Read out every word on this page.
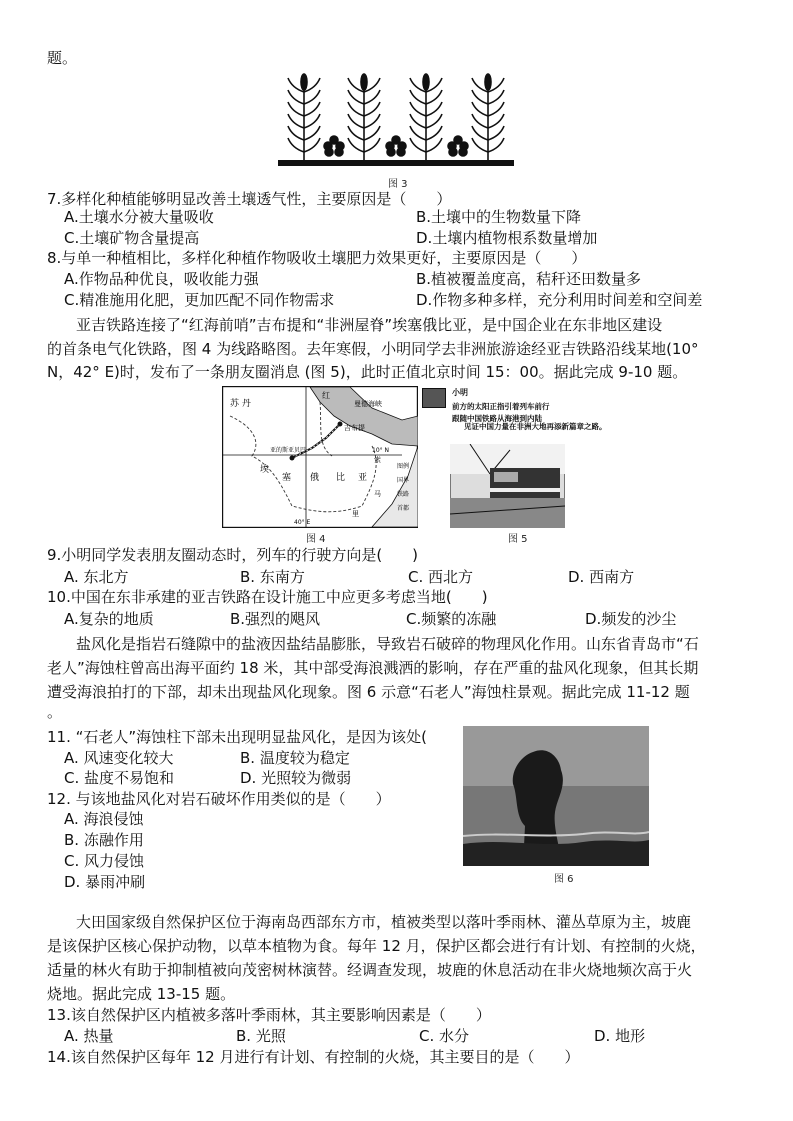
题。
图 3
7.多样化种植能够明显改善土壤透气性，主要原因是（　　）
A.土壤水分被大量吸收	B.土壤中的生物数量下降
C.土壤矿物含量提高	D.土壤内植物根系数量增加
8.与单一种植相比，多样化种植作物吸收土壤肥力效果更好，主要原因是（　　）
A.作物品种优良，吸收能力强	B.植被覆盖度高，秸秆还田数量多
C.精准施用化肥，更加匹配不同作物需求	D.作物多种多样，充分利用时间差和空间差
亚吉铁路连接了“红海前哨”吉布提和“非洲屋脊”埃塞俄比亚，是中国企业在东非地区建设
的首条电气化铁路，图 4 为线路略图。去年寒假，小明同学去非洲旅游途经亚吉铁路沿线某地(10°
N，42° E)时，发布了一条朋友圈消息 (图 5)，此时正值北京时间 15：00。据此完成 9-10 题。
苏 丹
红
曼德海峡
吉布提
亚的斯亚贝巴
埃
塞 俄 比 亚
索
马
里
10° N
40° E
图例
国界
铁路
首都
图 4
小明
前方的太阳正指引着列车前行
跟随中国铁路从海港到内陆
见证中国力量在非洲大地再添新篇章之路。
图 5
9.小明同学发表朋友圈动态时，列车的行驶方向是(　　)
A. 东北方	B. 东南方	C. 西北方	D. 西南方
10.中国在东非承建的亚吉铁路在设计施工中应更多考虑当地(　　)
A.复杂的地质	B.强烈的飓风	C.频繁的冻融	D.频发的沙尘
盐风化是指岩石缝隙中的盐液因盐结晶膨胀，导致岩石破碎的物理风化作用。山东省青岛市“石
老人”海蚀柱曾高出海平面约 18 米，其中部受海浪溅洒的影响，存在严重的盐风化现象，但其长期
遭受海浪拍打的下部，却未出现盐风化现象。图 6 示意“石老人”海蚀柱景观。据此完成 11-12 题
。
图 6
11. “石老人”海蚀柱下部未出现明显盐风化，是因为该处(
A. 风速变化较大	B. 温度较为稳定
C. 盐度不易饱和	D. 光照较为微弱
12. 与该地盐风化对岩石破坏作用类似的是（　　）
A. 海浪侵蚀
B. 冻融作用
C. 风力侵蚀
D. 暴雨冲刷
大田国家级自然保护区位于海南岛西部东方市，植被类型以落叶季雨林、灌丛草原为主，坡鹿
是该保护区核心保护动物，以草本植物为食。每年 12 月，保护区都会进行有计划、有控制的火烧，
适量的林火有助于抑制植被向茂密树林演替。经调查发现，坡鹿的休息活动在非火烧地频次高于火
烧地。据此完成 13-15 题。
13.该自然保护区内植被多落叶季雨林，其主要影响因素是（　　）
A. 热量	B. 光照	C. 水分	D. 地形
14.该自然保护区每年 12 月进行有计划、有控制的火烧，其主要目的是（　　）
